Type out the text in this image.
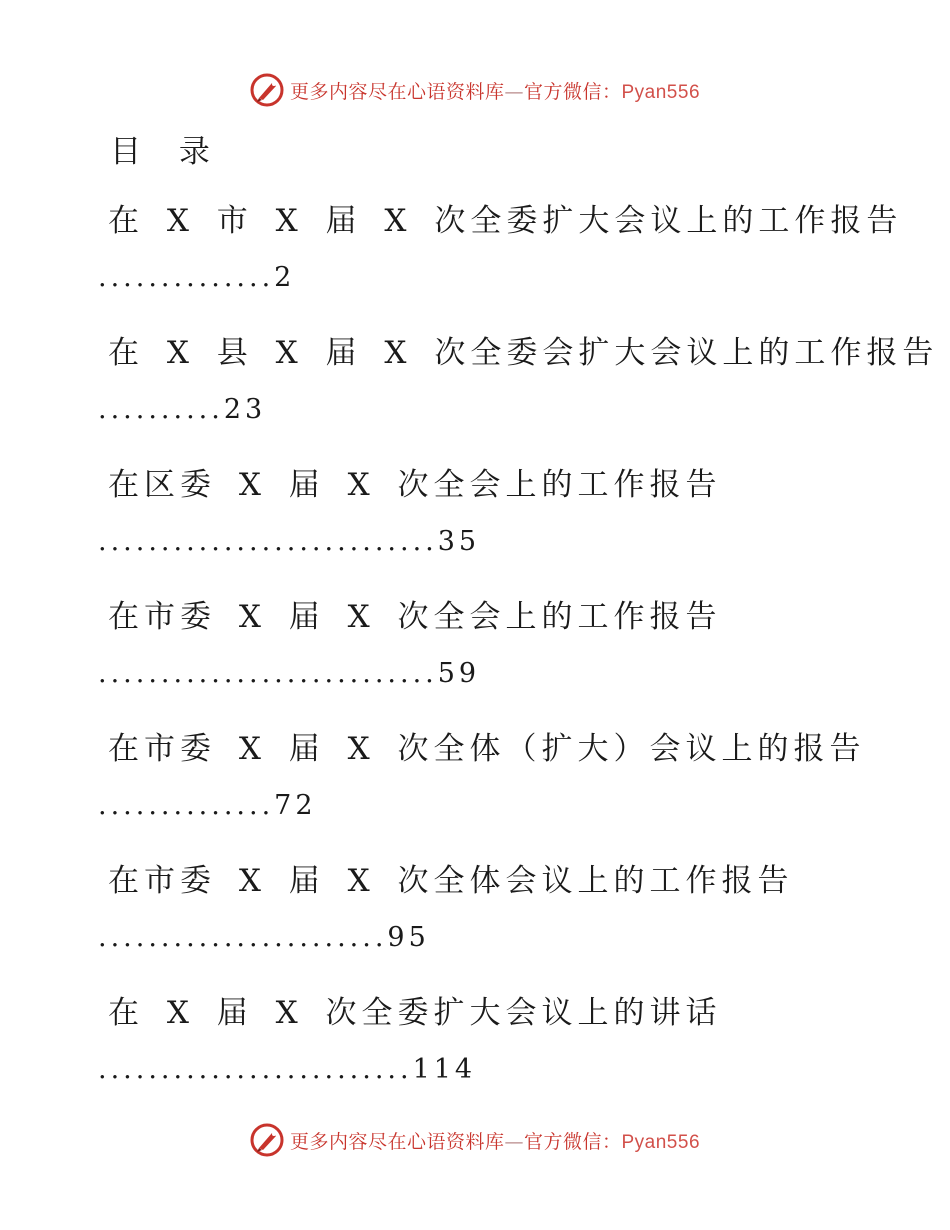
更多内容尽在心语资料库—官方微信：Pyan556
目 录
在 X 市 X 届 X 次全委扩大会议上的工作报告
..............2
在 X 县 X 届 X 次全委会扩大会议上的工作报告
..........23
在区委 X 届 X 次全会上的工作报告
...........................35
在市委 X 届 X 次全会上的工作报告
...........................59
在市委 X 届 X 次全体（扩大）会议上的报告
..............72
在市委 X 届 X 次全体会议上的工作报告
.......................95
在 X 届 X 次全委扩大会议上的讲话
.........................114
更多内容尽在心语资料库—官方微信：Pyan556
